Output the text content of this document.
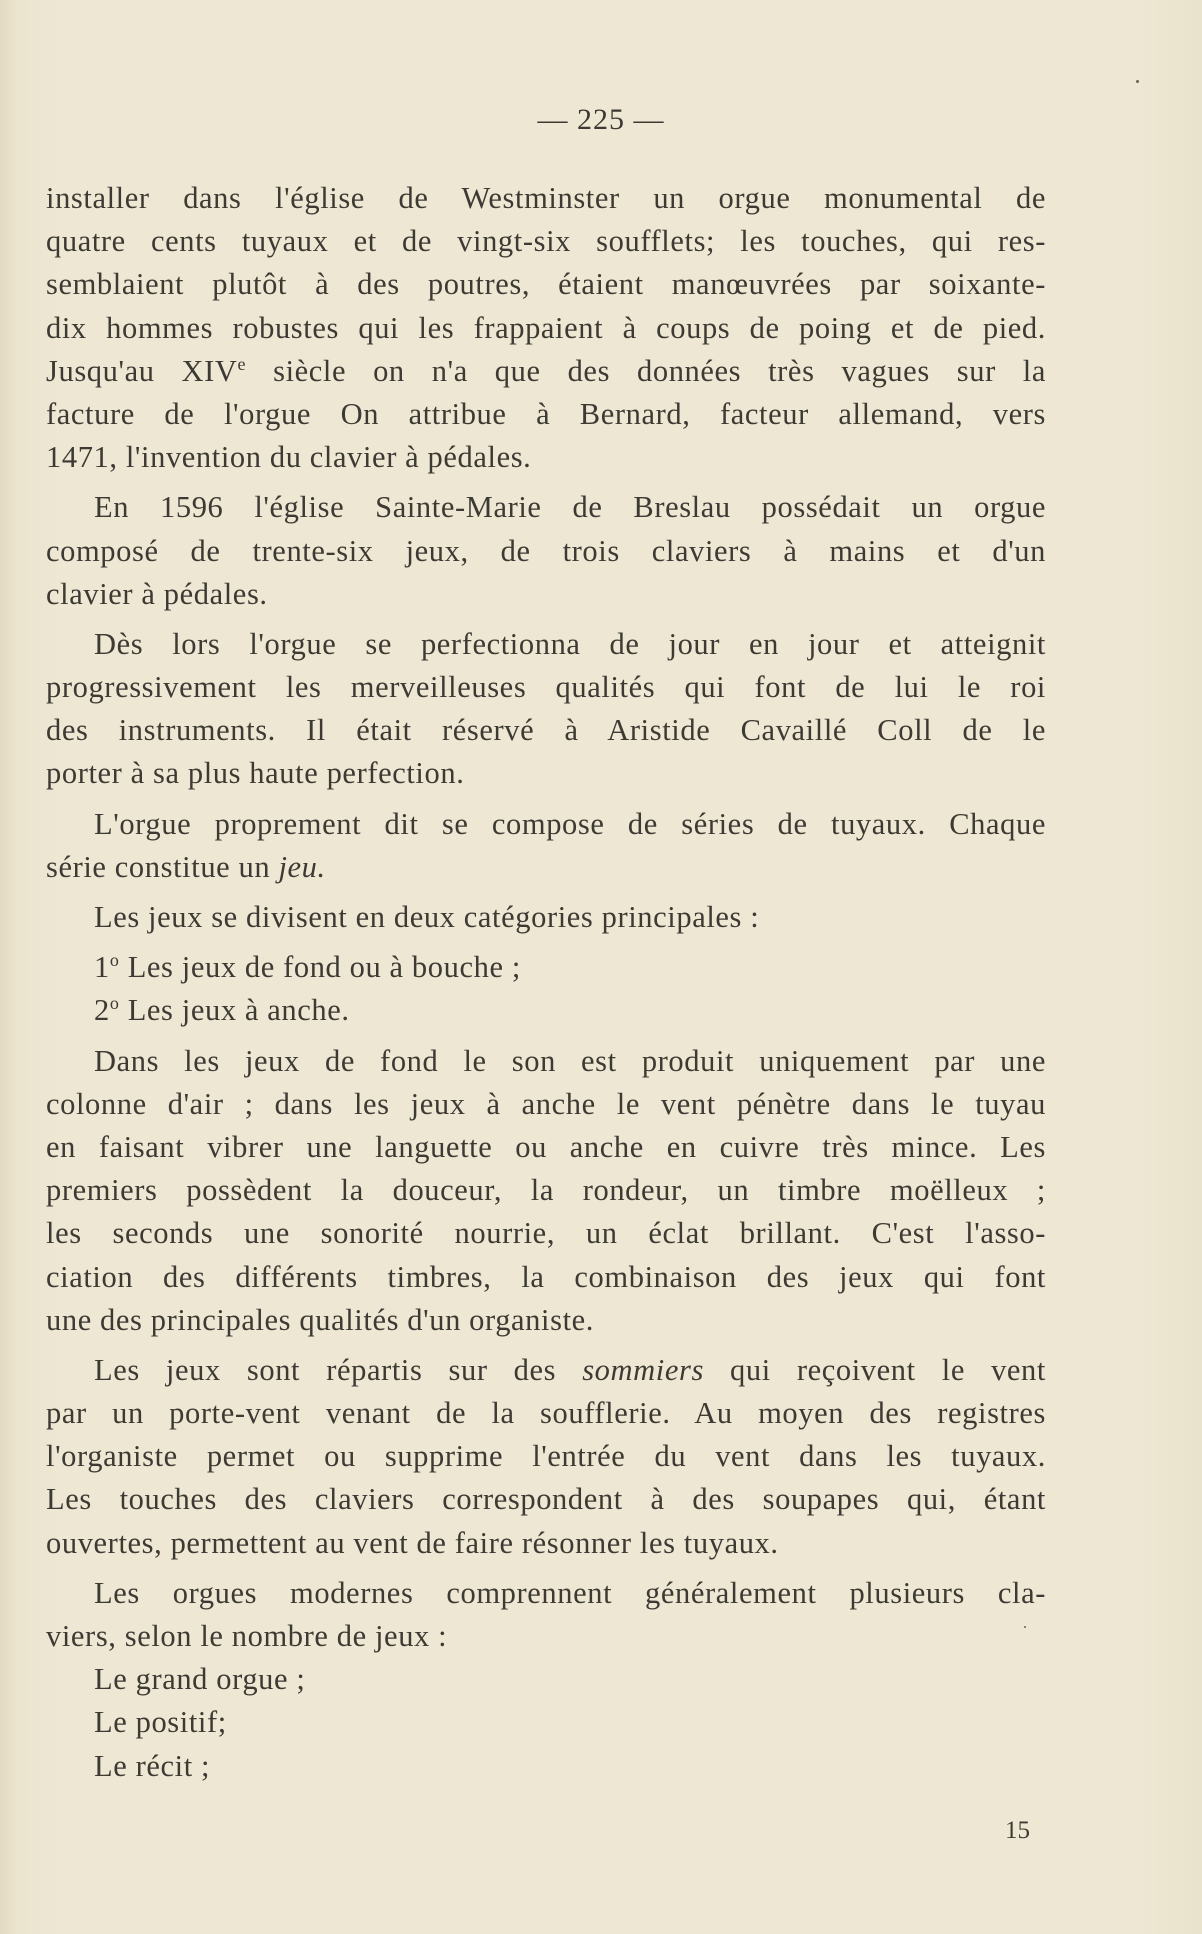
— 225 —
installer dans l'église de Westminster un orgue monumental de
quatre cents tuyaux et de vingt-six soufflets; les touches, qui res-
semblaient plutôt à des poutres, étaient manœuvrées par soixante-
dix hommes robustes qui les frappaient à coups de poing et de pied.
Jusqu'au XIVe siècle on n'a que des données très vagues sur la
facture de l'orgue On attribue à Bernard, facteur allemand, vers
1471, l'invention du clavier à pédales.
En 1596 l'église Sainte-Marie de Breslau possédait un orgue
composé de trente-six jeux, de trois claviers à mains et d'un
clavier à pédales.
Dès lors l'orgue se perfectionna de jour en jour et atteignit
progressivement les merveilleuses qualités qui font de lui le roi
des instruments. Il était réservé à Aristide Cavaillé Coll de le
porter à sa plus haute perfection.
L'orgue proprement dit se compose de séries de tuyaux. Chaque
série constitue un jeu.
Les jeux se divisent en deux catégories principales :
1$^o$ Les jeux de fond ou à bouche ;
2$^o$ Les jeux à anche.
Dans les jeux de fond le son est produit uniquement par une
colonne d'air ; dans les jeux à anche le vent pénètre dans le tuyau
en faisant vibrer une languette ou anche en cuivre très mince. Les
premiers possèdent la douceur, la rondeur, un timbre moëlleux ;
les seconds une sonorité nourrie, un éclat brillant. C'est l'asso-
ciation des différents timbres, la combinaison des jeux qui font
une des principales qualités d'un organiste.
Les jeux sont répartis sur des sommiers qui reçoivent le vent
par un porte-vent venant de la soufflerie. Au moyen des registres
l'organiste permet ou supprime l'entrée du vent dans les tuyaux.
Les touches des claviers correspondent à des soupapes qui, étant
ouvertes, permettent au vent de faire résonner les tuyaux.
Les orgues modernes comprennent généralement plusieurs cla-
viers, selon le nombre de jeux :
Le grand orgue ;
Le positif;
Le récit ;
15
